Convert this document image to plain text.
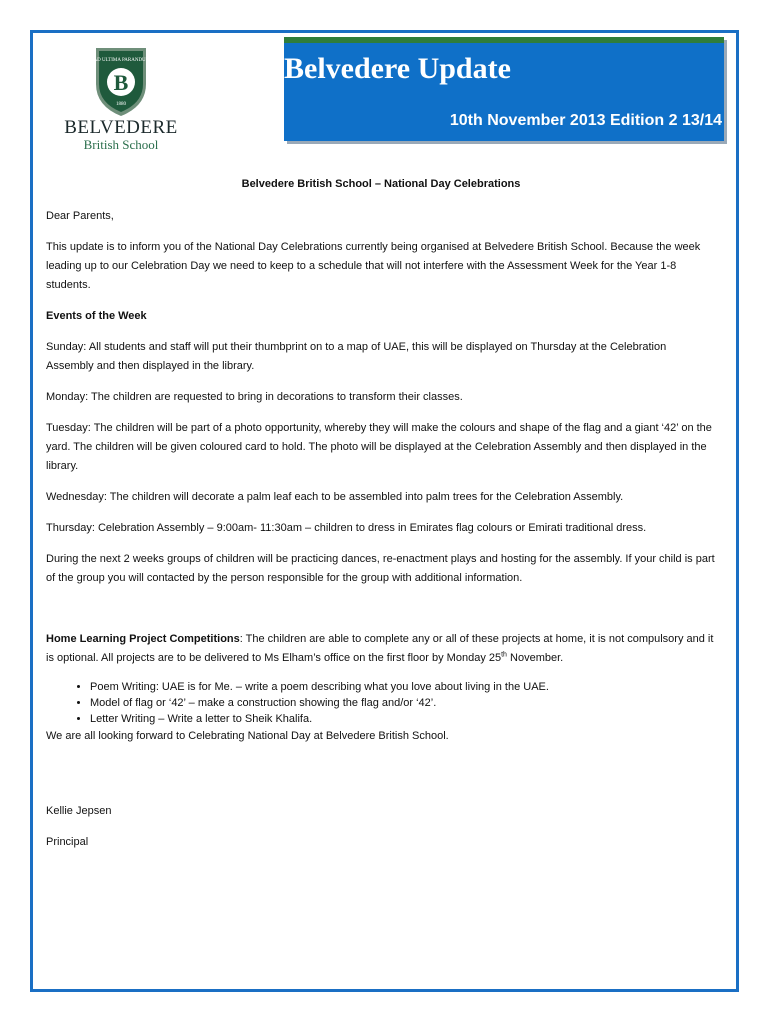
AD ULTIMA PARANDUS
B
1880
BELVEDERE
British School
Belvedere Update
10th November 2013 Edition 2 13/14

Belvedere British School – National Day Celebrations

Dear Parents,

This update is to inform you of the National Day Celebrations currently being organised at Belvedere British School. Because the week leading up to our Celebration Day we need to keep to a schedule that will not interfere with the Assessment Week for the Year 1-8 students.

Events of the Week

Sunday: All students and staff will put their thumbprint on to a map of UAE, this will be displayed on Thursday at the Celebration Assembly and then displayed in the library.

Monday: The children are requested to bring in decorations to transform their classes.

Tuesday: The children will be part of a photo opportunity, whereby they will make the colours and shape of the flag and a giant ‘42’ on the yard. The children will be given coloured card to hold. The photo will be displayed at the Celebration Assembly and then displayed in the library.

Wednesday: The children will decorate a palm leaf each to be assembled into palm trees for the Celebration Assembly.

Thursday: Celebration Assembly – 9:00am- 11:30am – children to dress in Emirates flag colours or Emirati traditional dress.

During the next 2 weeks groups of children will be practicing dances, re-enactment plays and hosting for the assembly. If your child is part of the group you will contacted by the person responsible for the group with additional information.

Home Learning Project Competitions: The children are able to complete any or all of these projects at home, it is not compulsory and it is optional. All projects are to be delivered to Ms Elham’s office on the first floor by Monday 25th November.

• Poem Writing: UAE is for Me. – write a poem describing what you love about living in the UAE.
• Model of flag or ‘42’ – make a construction showing the flag and/or ‘42’.
• Letter Writing – Write a letter to Sheik Khalifa.

We are all looking forward to Celebrating National Day at Belvedere British School.

Kellie Jepsen

Principal
